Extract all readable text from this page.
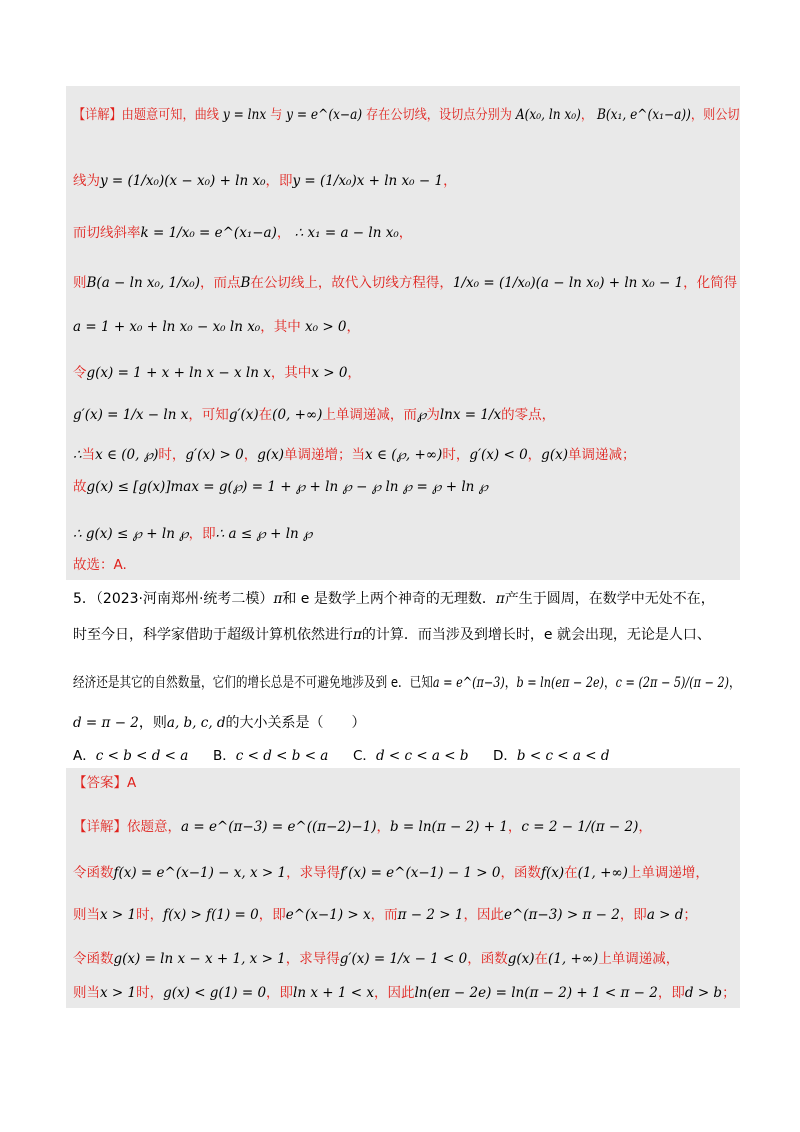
【详解】由题意可知，曲线 y = lnx 与 y = e^(x−a) 存在公切线，设切点分别为 A(x₀, ln x₀)， B(x₁, e^(x₁−a))，则公切
线为y = (1/x₀)(x − x₀) + ln x₀，即y = (1/x₀)x + ln x₀ − 1，
而切线斜率k = 1/x₀ = e^(x₁−a)， ∴ x₁ = a − ln x₀，
则B(a − ln x₀, 1/x₀)，而点B在公切线上，故代入切线方程得，1/x₀ = (1/x₀)(a − ln x₀) + ln x₀ − 1，化简得
a = 1 + x₀ + ln x₀ − x₀ ln x₀，其中 x₀ > 0，
令g(x) = 1 + x + ln x − x ln x，其中x > 0，
g′(x) = 1/x − ln x，可知g′(x)在(0, +∞)上单调递减，而℘为lnx = 1/x的零点，
∴当x ∈ (0, ℘)时，g′(x) > 0，g(x)单调递增；当x ∈ (℘, +∞)时，g′(x) < 0，g(x)单调递减；
故g(x) ≤ [g(x)]max = g(℘) = 1 + ℘ + ln ℘ − ℘ ln ℘ = ℘ + ln ℘
∴ g(x) ≤ ℘ + ln ℘，即∴ a ≤ ℘ + ln ℘
故选：A.
5．（2023·河南郑州·统考二模）π和 e 是数学上两个神奇的无理数．π产生于圆周，在数学中无处不在，
时至今日，科学家借助于超级计算机依然进行π的计算．而当涉及到增长时，e 就会出现，无论是人口、
经济还是其它的自然数量，它们的增长总是不可避免地涉及到 e．已知a = e^(π−3)，b = ln(eπ − 2e)，c = (2π − 5)/(π − 2)，
d = π − 2，则a, b, c, d的大小关系是（　　）
A．c < b < d < a B．c < d < b < a C．d < c < a < b D．b < c < a < d
【答案】A
【详解】依题意，a = e^(π−3) = e^((π−2)−1)，b = ln(π − 2) + 1，c = 2 − 1/(π − 2)，
令函数f(x) = e^(x−1) − x, x > 1，求导得f′(x) = e^(x−1) − 1 > 0，函数f(x)在(1, +∞)上单调递增，
则当x > 1时，f(x) > f(1) = 0，即e^(x−1) > x，而π − 2 > 1，因此e^(π−3) > π − 2，即a > d；
令函数g(x) = ln x − x + 1, x > 1，求导得g′(x) = 1/x − 1 < 0，函数g(x)在(1, +∞)上单调递减，
则当x > 1时，g(x) < g(1) = 0，即ln x + 1 < x，因此ln(eπ − 2e) = ln(π − 2) + 1 < π − 2，即d > b；
